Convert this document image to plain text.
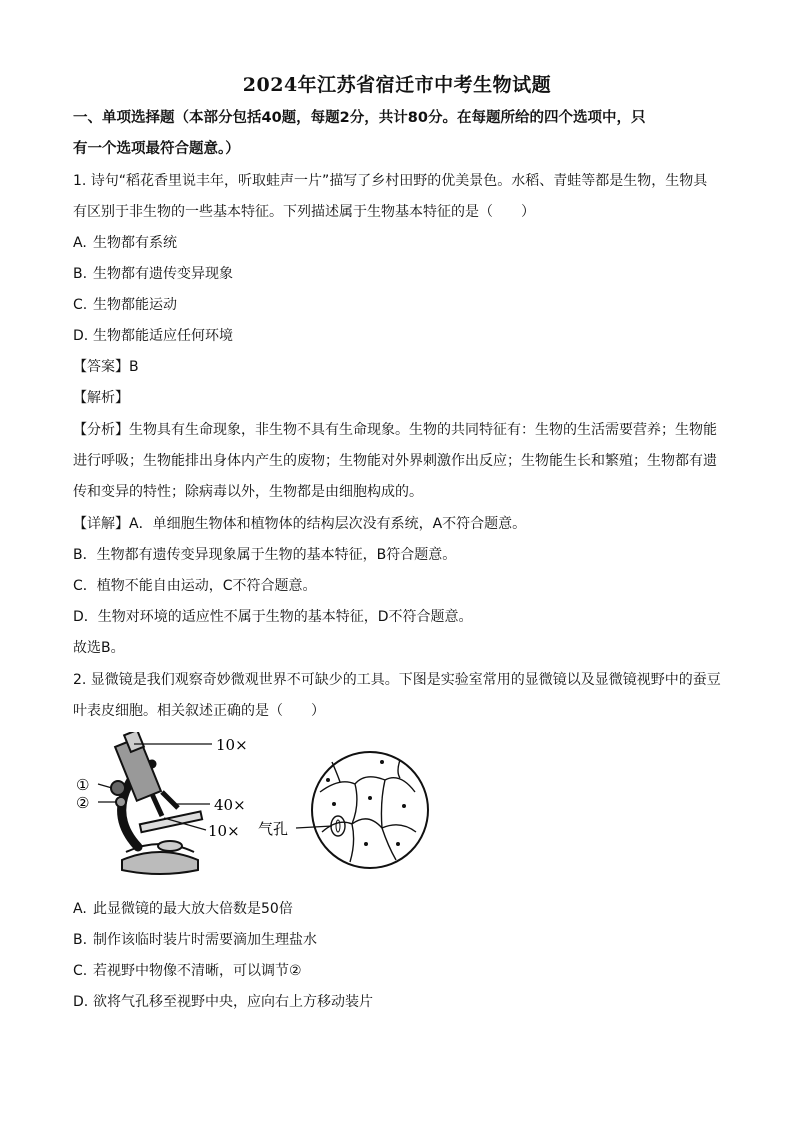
2024年江苏省宿迁市中考生物试题
一、单项选择题（本部分包括40题，每题2分，共计80分。在每题所给的四个选项中，只
有一个选项最符合题意。）
1. 诗句“稻花香里说丰年，听取蛙声一片”描写了乡村田野的优美景色。水稻、青蛙等都是生物，生物具
有区别于非生物的一些基本特征。下列描述属于生物基本特征的是（　　）
A. 生物都有系统
B. 生物都有遗传变异现象
C. 生物都能运动
D. 生物都能适应任何环境
【答案】B
【解析】
【分析】生物具有生命现象，非生物不具有生命现象。生物的共同特征有：生物的生活需要营养；生物能
进行呼吸；生物能排出身体内产生的废物；生物能对外界刺激作出反应；生物能生长和繁殖；生物都有遗
传和变异的特性；除病毒以外，生物都是由细胞构成的。
【详解】A．单细胞生物体和植物体的结构层次没有系统，A不符合题意。
B．生物都有遗传变异现象属于生物的基本特征，B符合题意。
C．植物不能自由运动，C不符合题意。
D．生物对环境的适应性不属于生物的基本特征，D不符合题意。
故选B。
2. 显微镜是我们观察奇妙微观世界不可缺少的工具。下图是实验室常用的显微镜以及显微镜视野中的蚕豆
叶表皮细胞。相关叙述正确的是（　　）
10×
40×
10×
①
②
气孔
A. 此显微镜的最大放大倍数是50倍
B. 制作该临时装片时需要滴加生理盐水
C. 若视野中物像不清晰，可以调节②
D. 欲将气孔移至视野中央，应向右上方移动装片
